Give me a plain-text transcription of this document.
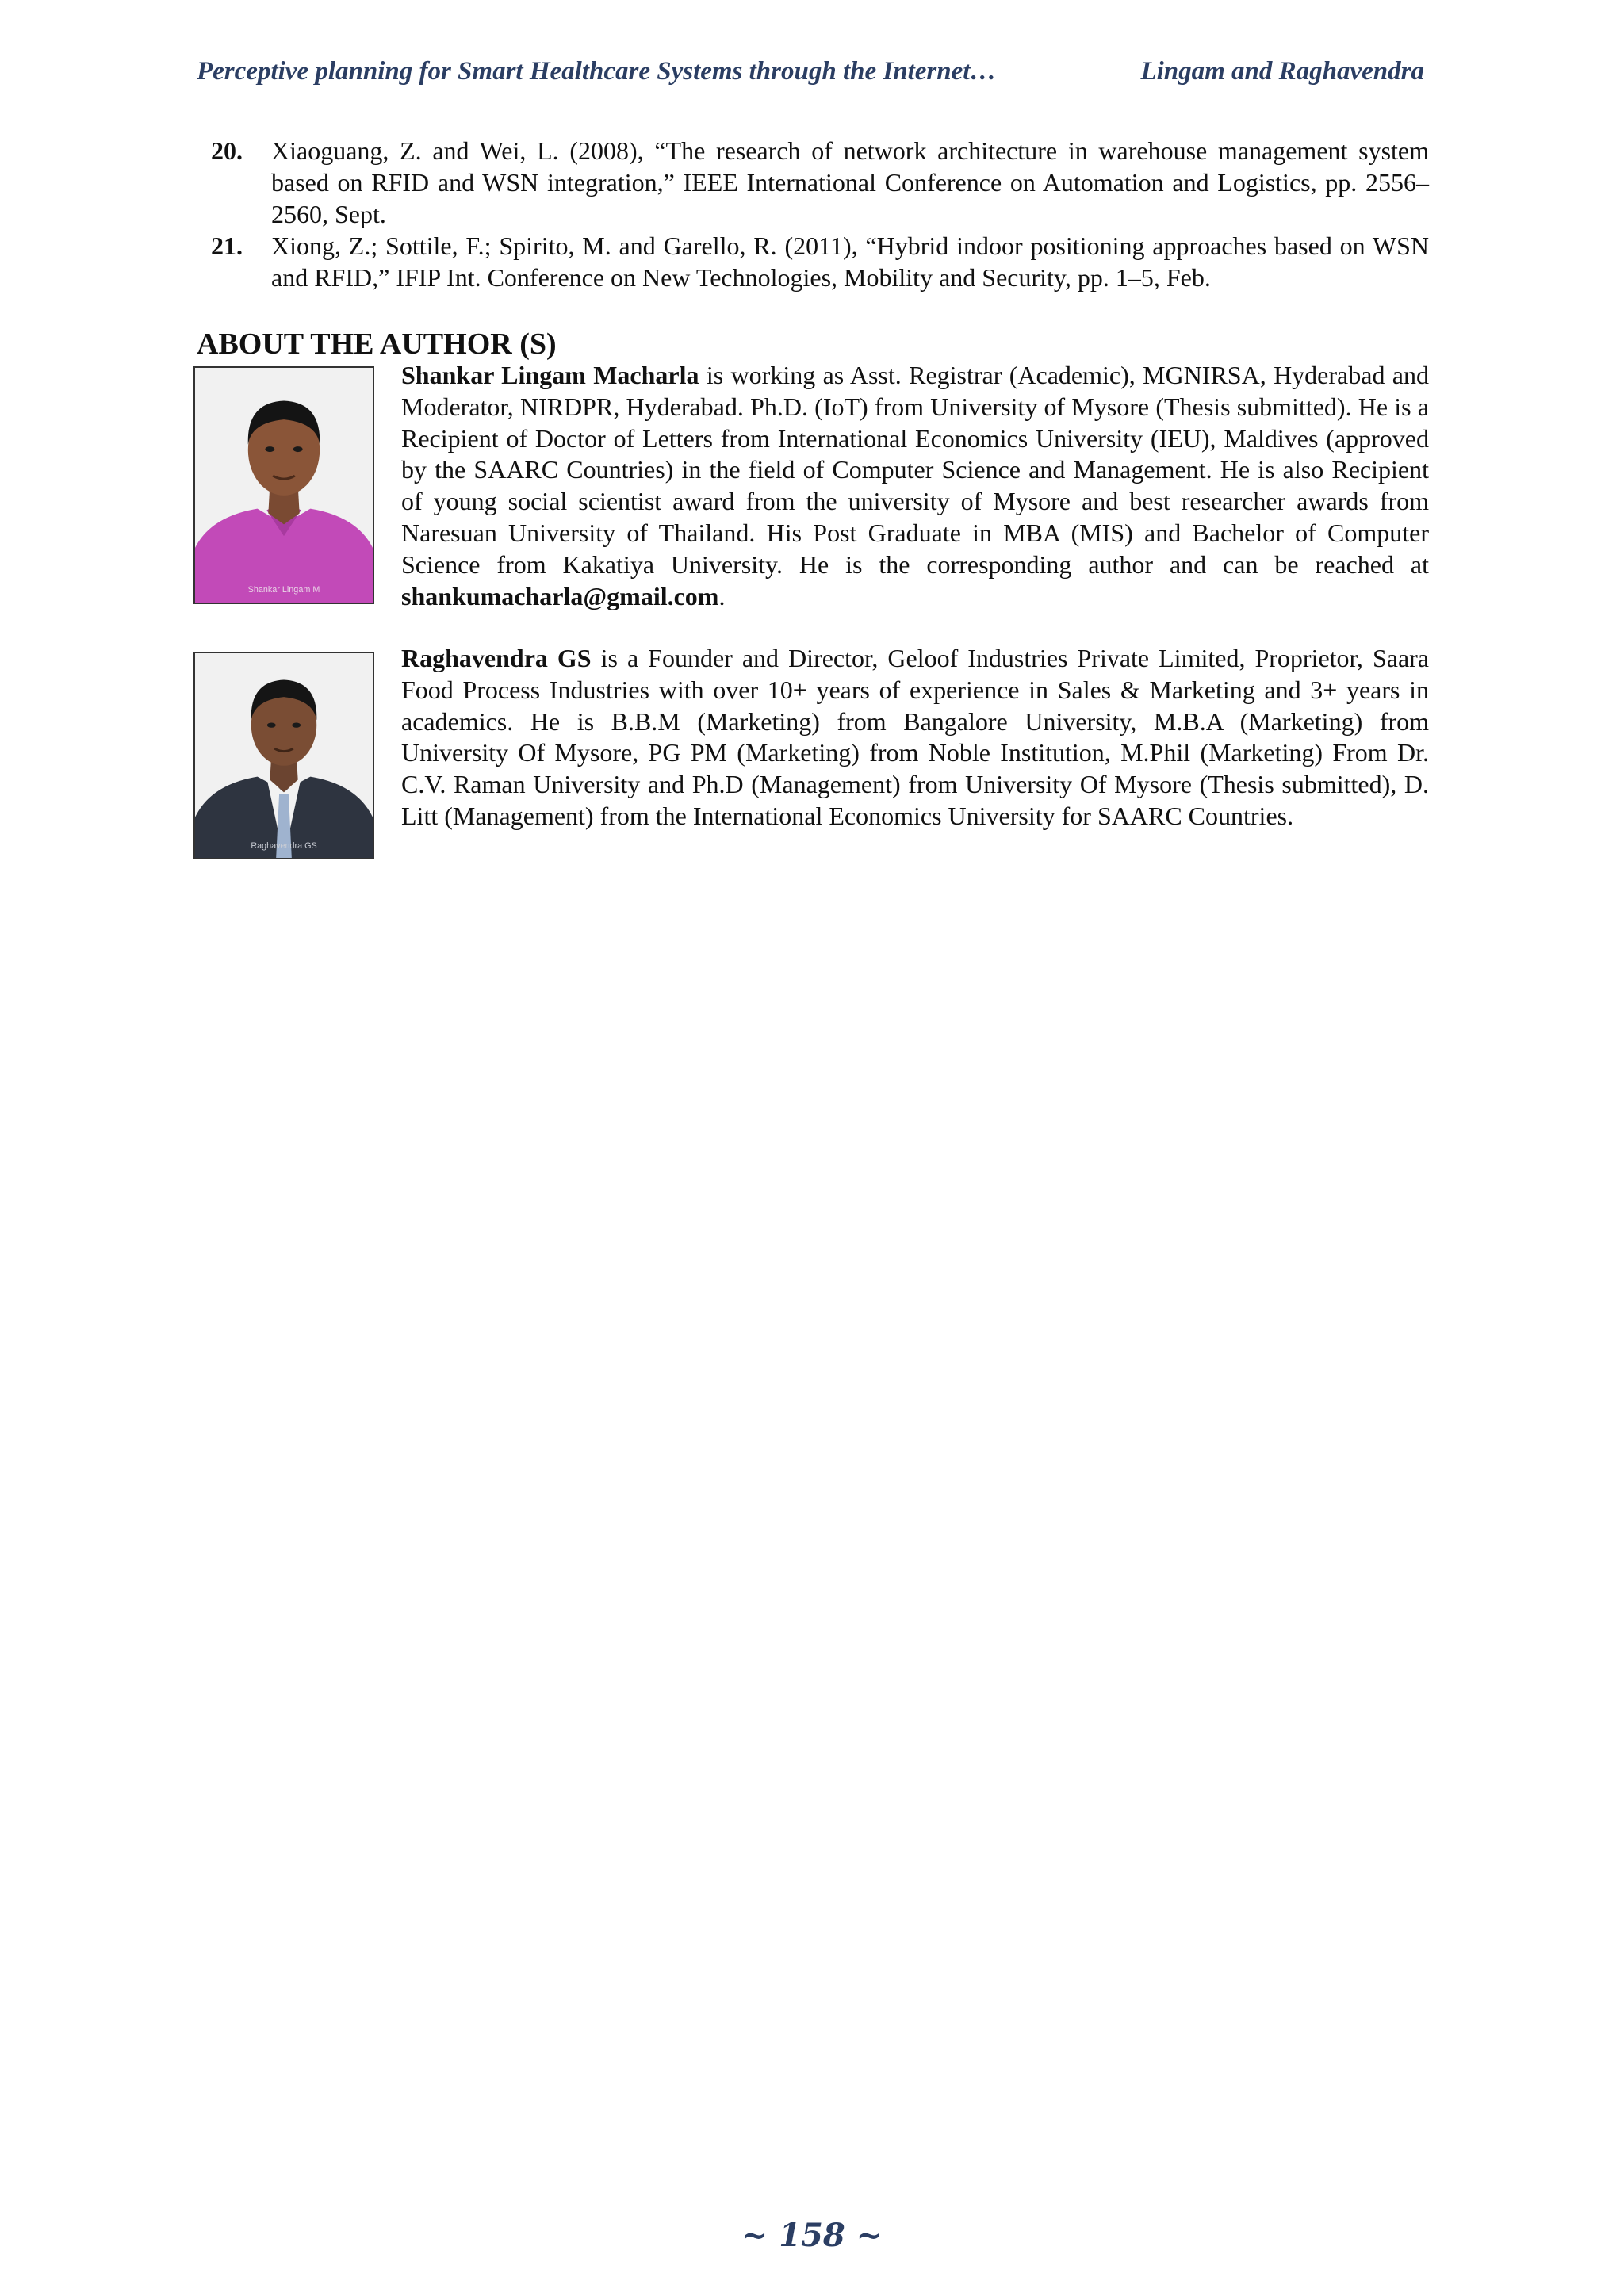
Perceptive planning for Smart Healthcare Systems through the Internet…	Lingam and Raghavendra

20. Xiaoguang, Z. and Wei, L. (2008), “The research of network architecture in warehouse management system based on RFID and WSN integration,” IEEE International Conference on Automation and Logistics, pp. 2556– 2560, Sept.

21. Xiong, Z.; Sottile, F.; Spirito, M. and Garello, R. (2011), “Hybrid indoor positioning approaches based on WSN and RFID,” IFIP Int. Conference on New Technologies, Mobility and Security, pp. 1–5, Feb.

ABOUT THE AUTHOR (S)
Shankar Lingam M

Shankar Lingam Macharla is working as Asst. Registrar (Academic), MGNIRSA, Hyderabad and Moderator, NIRDPR, Hyderabad. Ph.D. (IoT) from University of Mysore (Thesis submitted). He is a Recipient of Doctor of Letters from International Economics University (IEU), Maldives (approved by the SAARC Countries) in the field of Computer Science and Management. He is also Recipient of young social scientist award from the university of Mysore and best researcher awards from Naresuan University of Thailand. His Post Graduate in MBA (MIS) and Bachelor of Computer Science from Kakatiya University. He is the corresponding author and can be reached at shankumacharla@gmail.com.

Raghavendra GS

Raghavendra GS is a Founder and Director, Geloof Industries Private Limited, Proprietor, Saara Food Process Industries with over 10+ years of experience in Sales & Marketing and 3+ years in academics. He is B.B.M (Marketing) from Bangalore University, M.B.A (Marketing) from University Of Mysore, PG PM (Marketing) from Noble Institution, M.Phil (Marketing) From Dr. C.V. Raman University and Ph.D (Management) from University Of Mysore (Thesis submitted), D. Litt (Management) from the International Economics University for SAARC Countries.

~ 158 ~
